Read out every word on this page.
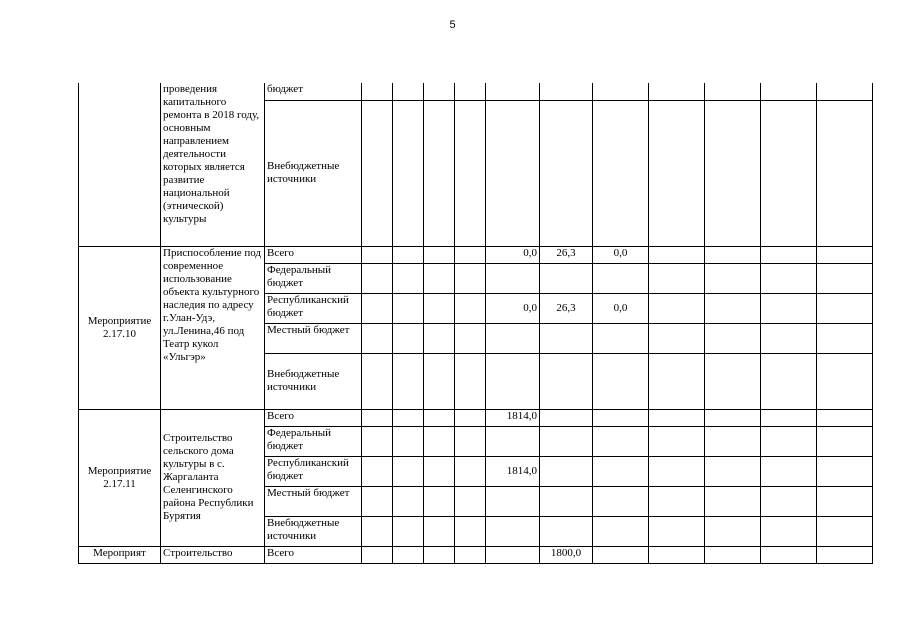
5
	проведения капитального ремонта в 2018 году, основным направлением деятельности которых является развитие национальной (этнической) культуры	бюджет											
		Внебюджетные источники											
Мероприятие 2.17.10	Приспособление под современное использование объекта культурного наследия по адресу г.Улан-Удэ, ул.Ленина,46 под Театр кукол «Ульгэр»	Всего					0,0	26,3	0,0				
		Федеральный бюджет											
		Республиканский бюджет					0,0	26,3	0,0				
		Местный бюджет											
		Внебюджетные источники											
Мероприятие 2.17.11	Строительство сельского дома культуры в с. Жаргаланта Селенгинского района Республики Бурятия	Всего					1814,0						
		Федеральный бюджет											
		Республиканский бюджет					1814,0						
		Местный бюджет											
		Внебюджетные источники											
Мероприят	Строительство	Всего						1800,0					
